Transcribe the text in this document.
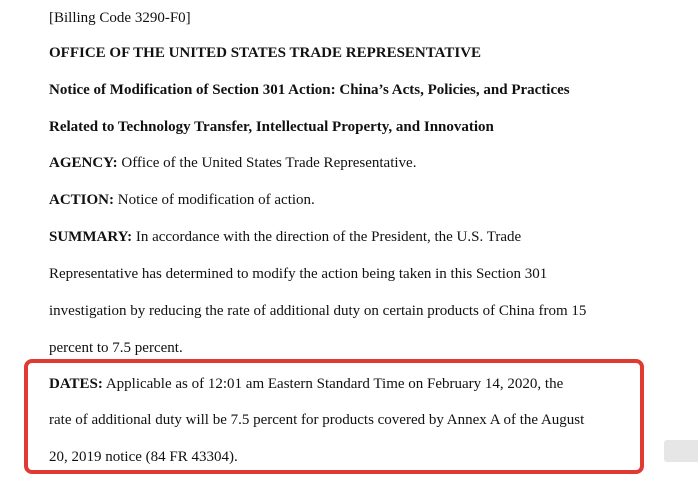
[Billing Code 3290-F0]
OFFICE OF THE UNITED STATES TRADE REPRESENTATIVE
Notice of Modification of Section 301 Action: China’s Acts, Policies, and Practices
Related to Technology Transfer, Intellectual Property, and Innovation
AGENCY: Office of the United States Trade Representative.
ACTION: Notice of modification of action.
SUMMARY: In accordance with the direction of the President, the U.S. Trade
Representative has determined to modify the action being taken in this Section 301
investigation by reducing the rate of additional duty on certain products of China from 15
percent to 7.5 percent.
DATES: Applicable as of 12:01 am Eastern Standard Time on February 14, 2020, the
rate of additional duty will be 7.5 percent for products covered by Annex A of the August
20, 2019 notice (84 FR 43304).
